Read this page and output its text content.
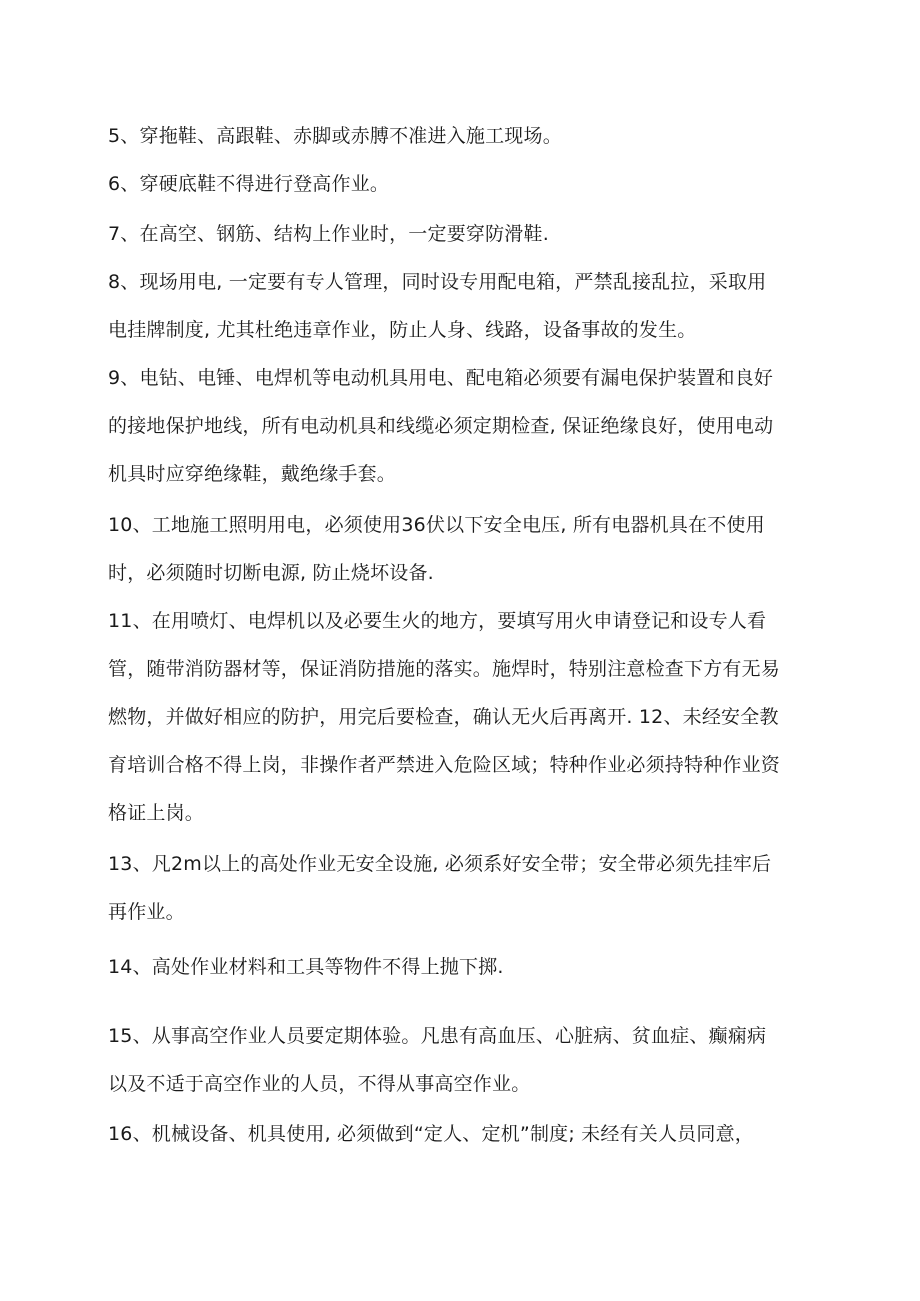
5、穿拖鞋、高跟鞋、赤脚或赤膊不准进入施工现场。
6、穿硬底鞋不得进行登高作业。
7、在高空、钢筋、结构上作业时，一定要穿防滑鞋.
8、现场用电, 一定要有专人管理，同时设专用配电箱，严禁乱接乱拉，采取用
电挂牌制度, 尤其杜绝违章作业，防止人身、线路，设备事故的发生。
9、电钻、电锤、电焊机等电动机具用电、配电箱必须要有漏电保护装置和良好
的接地保护地线，所有电动机具和线缆必须定期检查, 保证绝缘良好，使用电动
机具时应穿绝缘鞋，戴绝缘手套。
10、工地施工照明用电，必须使用36伏以下安全电压, 所有电器机具在不使用
时，必须随时切断电源, 防止烧坏设备.
11、在用喷灯、电焊机以及必要生火的地方，要填写用火申请登记和设专人看
管，随带消防器材等，保证消防措施的落实。施焊时，特别注意检查下方有无易
燃物，并做好相应的防护，用完后要检查，确认无火后再离开. 12、未经安全教
育培训合格不得上岗，非操作者严禁进入危险区域；特种作业必须持特种作业资
格证上岗。
13、凡2m以上的高处作业无安全设施, 必须系好安全带；安全带必须先挂牢后
再作业。
14、高处作业材料和工具等物件不得上抛下掷.
15、从事高空作业人员要定期体验。凡患有高血压、心脏病、贫血症、癫痫病
以及不适于高空作业的人员，不得从事高空作业。
16、机械设备、机具使用, 必须做到“定人、定机”制度; 未经有关人员同意，
